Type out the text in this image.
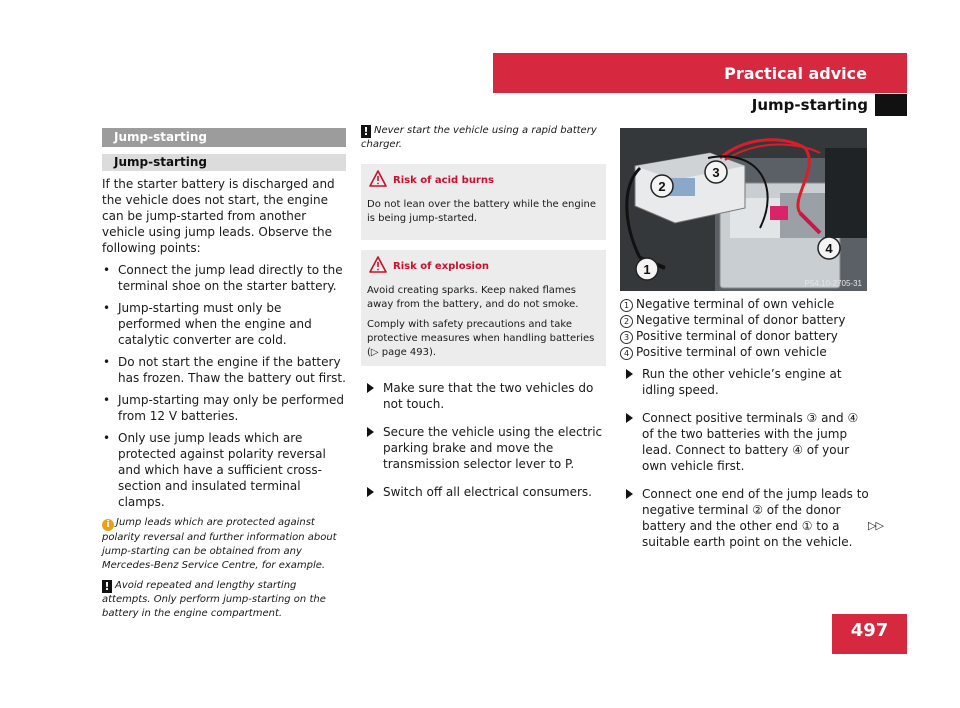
Practical advice
Jump-starting
Jump-starting
Jump-starting

If the starter battery is discharged and the vehicle does not start, the engine can be jump-started from another vehicle using jump leads. Observe the following points:

• Connect the jump lead directly to the terminal shoe on the starter battery.
• Jump-starting must only be performed when the engine and catalytic converter are cold.
• Do not start the engine if the battery has frozen. Thaw the battery out first.
• Jump-starting may only be performed from 12 V batteries.
• Only use jump leads which are protected against polarity reversal and which have a sufficient cross-section and insulated terminal clamps.

i Jump leads which are protected against polarity reversal and further information about jump-starting can be obtained from any Mercedes-Benz Service Centre, for example.

! Avoid repeated and lengthy starting attempts. Only perform jump-starting on the battery in the engine compartment.

! Never start the vehicle using a rapid battery charger.
Risk of acid burns

Do not lean over the battery while the engine is being jump-started.

Risk of explosion

Avoid creating sparks. Keep naked flames away from the battery, and do not smoke.

Comply with safety precautions and take protective measures when handling batteries (▷ page 493).

Make sure that the two vehicles do not touch.
Secure the vehicle using the electric parking brake and move the transmission selector lever to P.
Switch off all electrical consumers.
2
3
4
1
P54.10-2705-31
1 Negative terminal of own vehicle
2 Negative terminal of donor battery
3 Positive terminal of donor battery
4 Positive terminal of own vehicle
Run the other vehicle’s engine at idling speed.
Connect positive terminals ③ and ④ of the two batteries with the jump lead. Connect to battery ④ of your own vehicle first.
Connect one end of the jump leads to negative terminal ② of the donor battery and the other end ① to a suitable earth point on the vehicle.
▷▷
497
